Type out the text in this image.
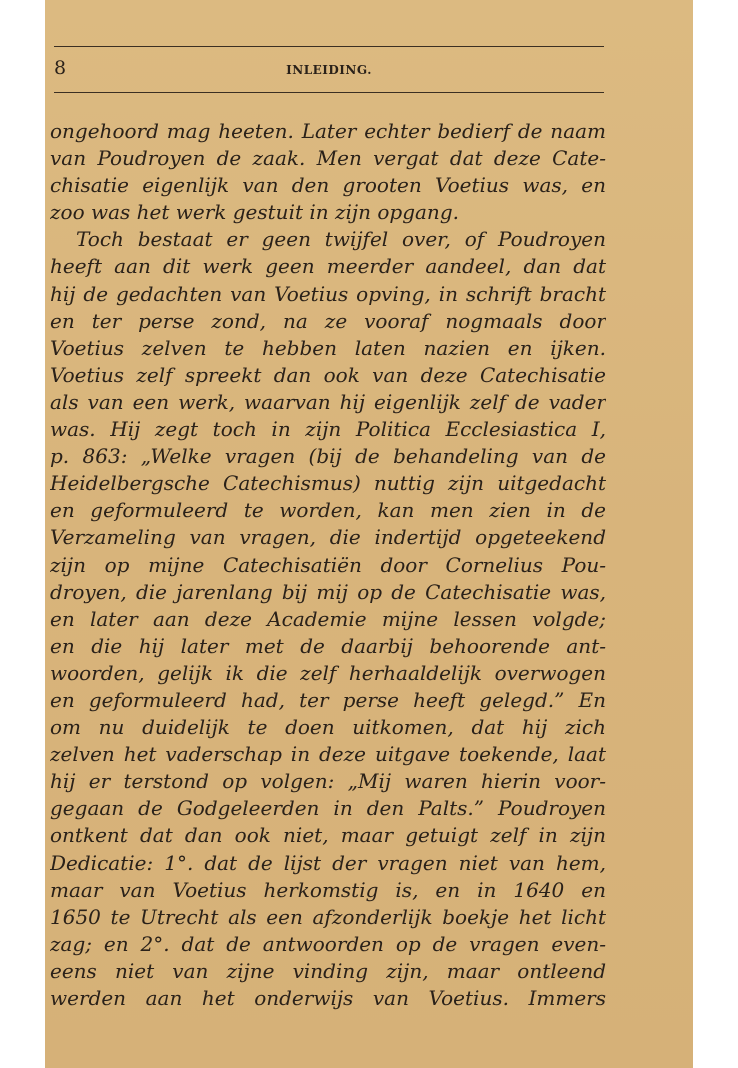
8	INLEIDING.
ongehoord mag heeten. Later echter bedierf de naam
van Poudroyen de zaak. Men vergat dat deze Cate-
chisatie eigenlijk van den grooten Voetius was, en
zoo was het werk gestuit in zijn opgang.
Toch bestaat er geen twijfel over, of Poudroyen
heeft aan dit werk geen meerder aandeel, dan dat
hij de gedachten van Voetius opving, in schrift bracht
en ter perse zond, na ze vooraf nogmaals door
Voetius zelven te hebben laten nazien en ijken.
Voetius zelf spreekt dan ook van deze Catechisatie
als van een werk, waarvan hij eigenlijk zelf de vader
was. Hij zegt toch in zijn Politica Ecclesiastica I,
p. 863: „Welke vragen (bij de behandeling van de
Heidelbergsche Catechismus) nuttig zijn uitgedacht
en geformuleerd te worden, kan men zien in de
Verzameling van vragen, die indertijd opgeteekend
zijn op mijne Catechisatiën door Cornelius Pou-
droyen, die jarenlang bij mij op de Catechisatie was,
en later aan deze Academie mijne lessen volgde;
en die hij later met de daarbij behoorende ant-
woorden, gelijk ik die zelf herhaaldelijk overwogen
en geformuleerd had, ter perse heeft gelegd.” En
om nu duidelijk te doen uitkomen, dat hij zich
zelven het vaderschap in deze uitgave toekende, laat
hij er terstond op volgen: „Mij waren hierin voor-
gegaan de Godgeleerden in den Palts.” Poudroyen
ontkent dat dan ook niet, maar getuigt zelf in zijn
Dedicatie: 1°. dat de lijst der vragen niet van hem,
maar van Voetius herkomstig is, en in 1640 en
1650 te Utrecht als een afzonderlijk boekje het licht
zag; en 2°. dat de antwoorden op de vragen even-
eens niet van zijne vinding zijn, maar ontleend
werden aan het onderwijs van Voetius. Immers
